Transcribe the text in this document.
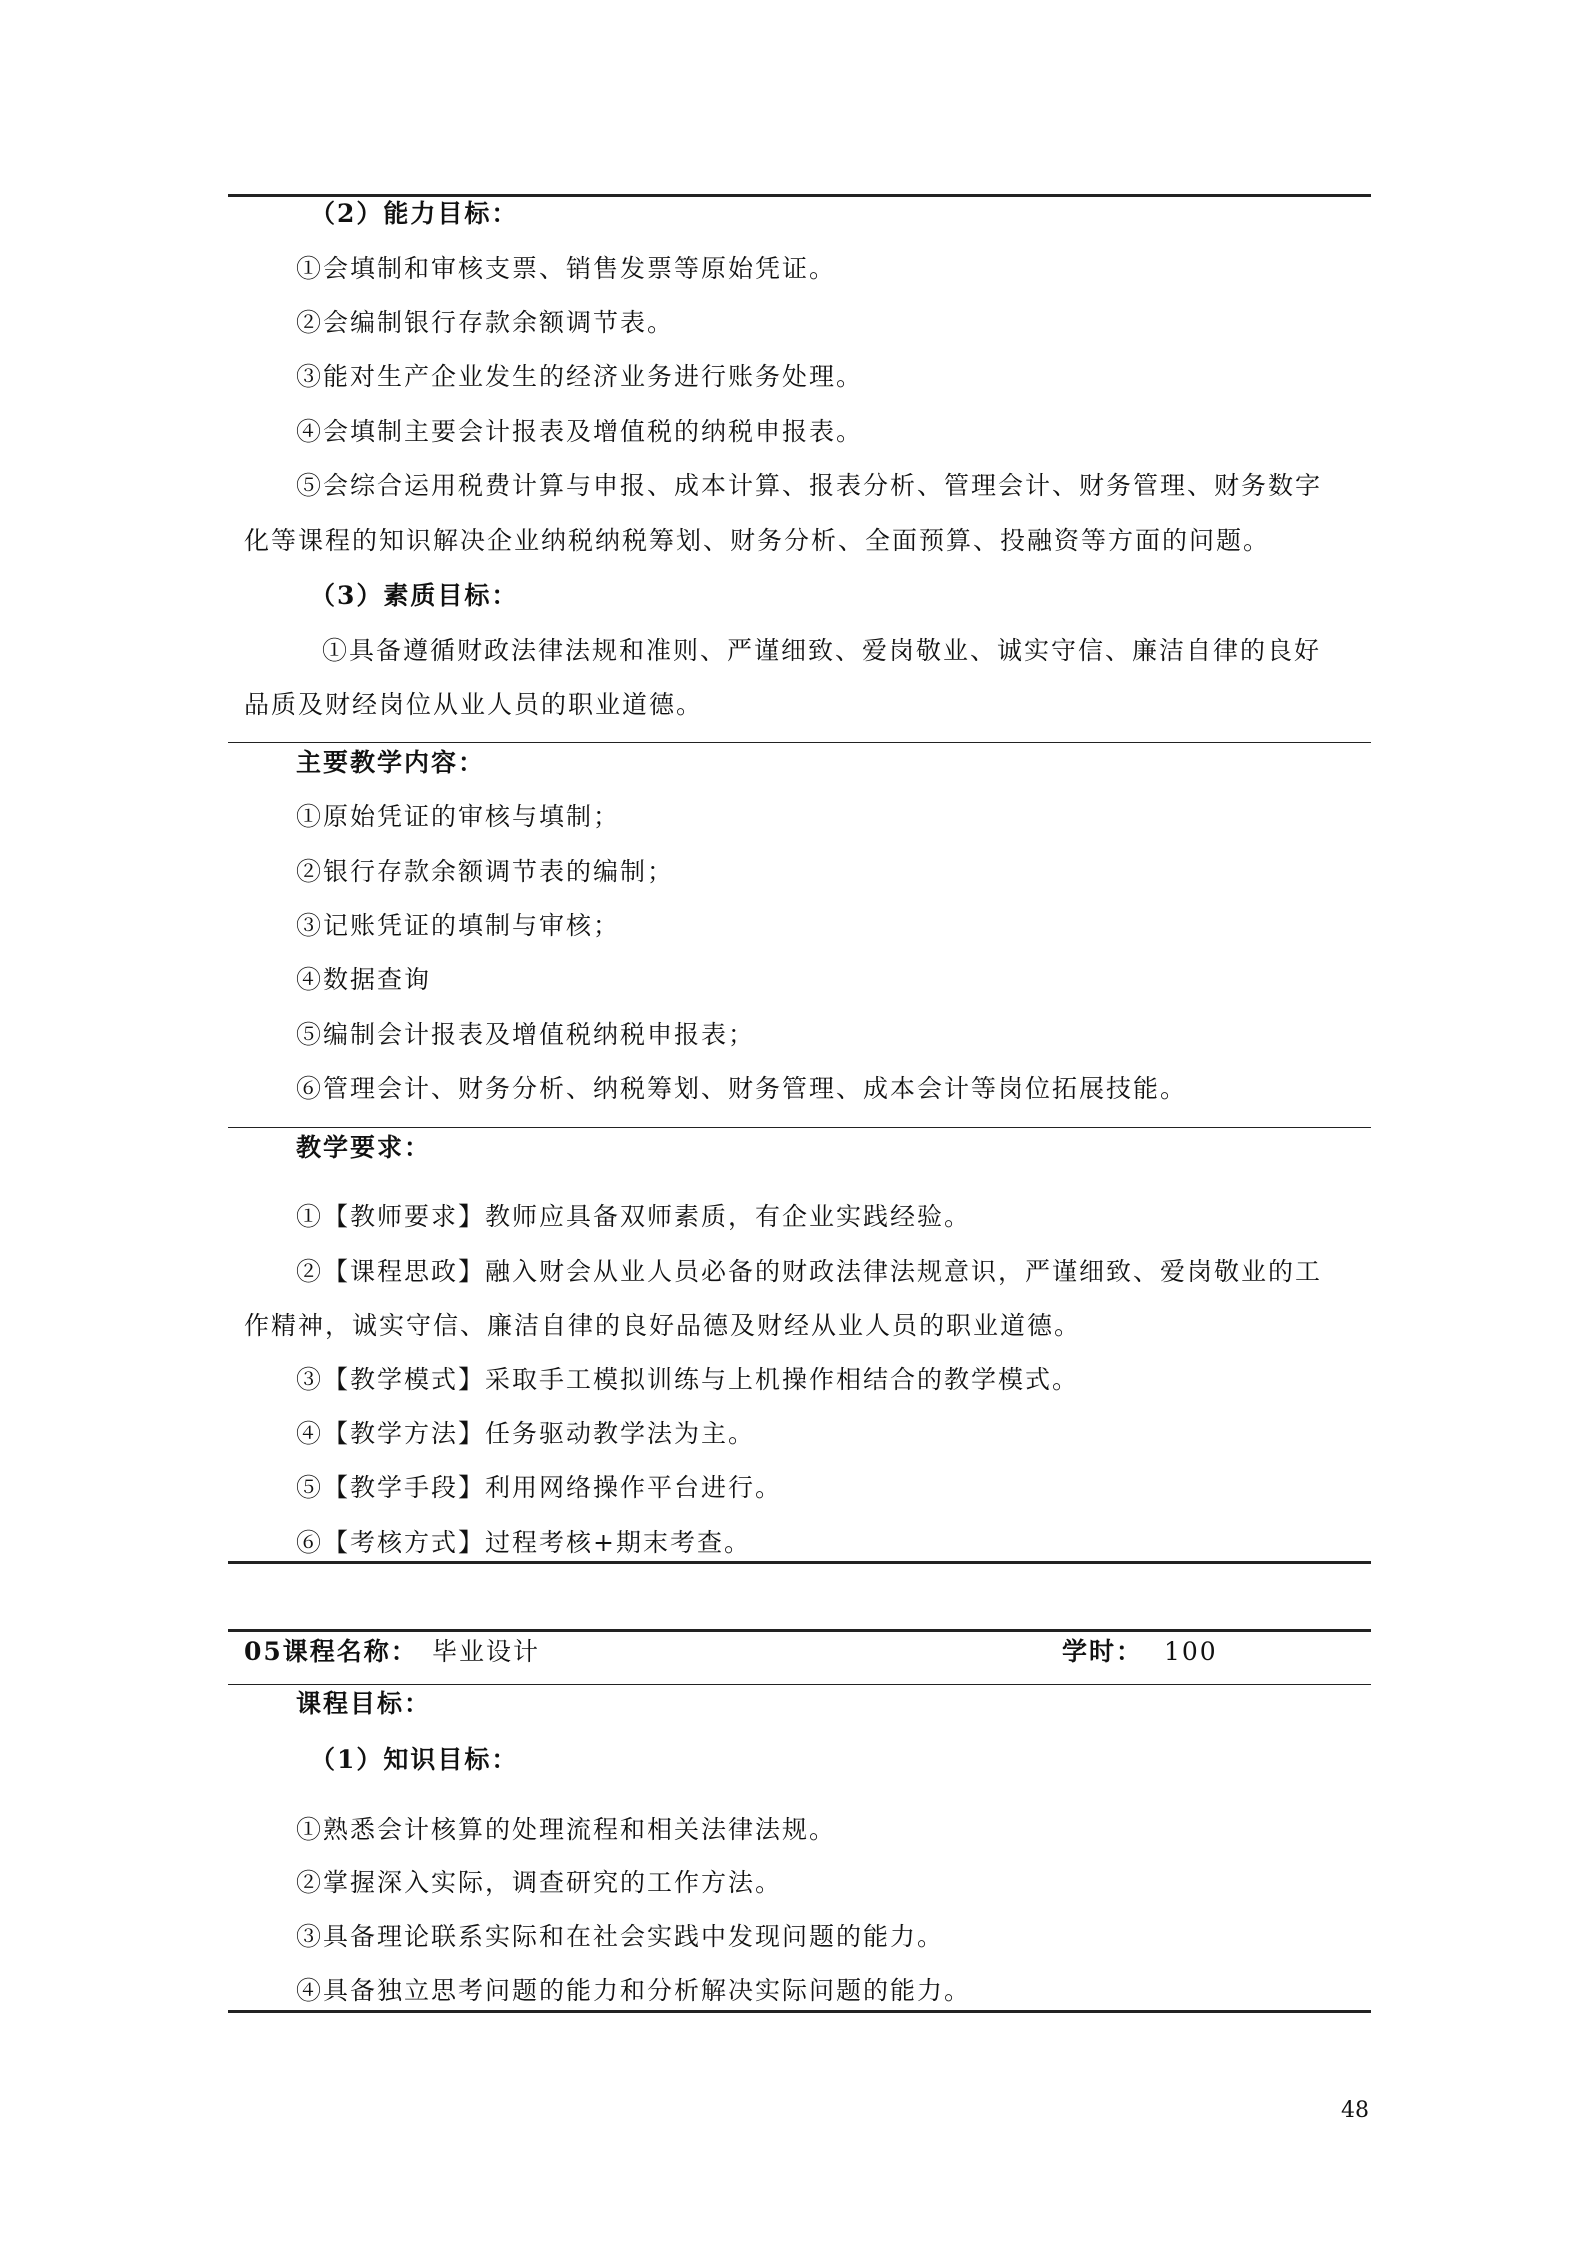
（2）能力目标：
①会填制和审核支票、销售发票等原始凭证。
②会编制银行存款余额调节表。
③能对生产企业发生的经济业务进行账务处理。
④会填制主要会计报表及增值税的纳税申报表。
⑤会综合运用税费计算与申报、成本计算、报表分析、管理会计、财务管理、财务数字
化等课程的知识解决企业纳税纳税筹划、财务分析、全面预算、投融资等方面的问题。
（3）素质目标：
①具备遵循财政法律法规和准则、严谨细致、爱岗敬业、诚实守信、廉洁自律的良好
品质及财经岗位从业人员的职业道德。
主要教学内容：
①原始凭证的审核与填制；
②银行存款余额调节表的编制；
③记账凭证的填制与审核；
④数据查询
⑤编制会计报表及增值税纳税申报表；
⑥管理会计、财务分析、纳税筹划、财务管理、成本会计等岗位拓展技能。
教学要求：
①【教师要求】教师应具备双师素质，有企业实践经验。
②【课程思政】融入财会从业人员必备的财政法律法规意识，严谨细致、爱岗敬业的工
作精神，诚实守信、廉洁自律的良好品德及财经从业人员的职业道德。
③【教学模式】采取手工模拟训练与上机操作相结合的教学模式。
④【教学方法】任务驱动教学法为主。
⑤【教学手段】利用网络操作平台进行。
⑥【考核方式】过程考核+期末考查。
05课程名称： 毕业设计	学时： 100
课程目标：
（1）知识目标：
①熟悉会计核算的处理流程和相关法律法规。
②掌握深入实际，调查研究的工作方法。
③具备理论联系实际和在社会实践中发现问题的能力。
④具备独立思考问题的能力和分析解决实际问题的能力。
48
